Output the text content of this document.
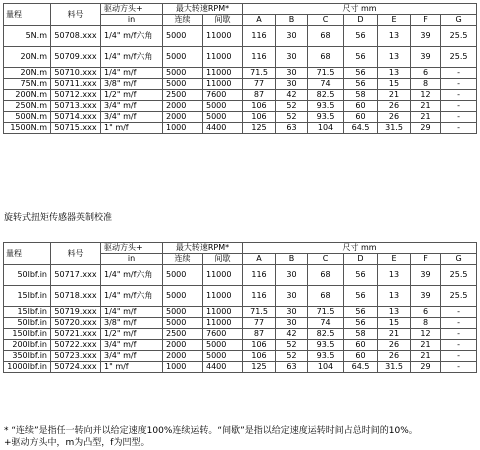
量程	料号	驱动方头+	最大转速RPM*		尺寸 mm						
		in	连续	间歇	A	B	C	D	E	F	G
5N.m	50708.xxx	1/4" m/f六角	5000	11000	116	30	68	56	13	39	25.5
20N.m	50709.xxx	1/4" m/f六角	5000	11000	116	30	68	56	13	39	25.5
20N.m	50710.xxx	1/4" m/f	5000	11000	71.5	30	71.5	56	13	6	-
75N.m	50711.xxx	3/8" m/f	5000	11000	77	30	74	56	15	8	-
200N.m	50712.xxx	1/2" m/f	2500	7600	87	42	82.5	58	21	12	-
250N.m	50713.xxx	3/4" m/f	2000	5000	106	52	93.5	60	26	21	-
500N.m	50714.xxx	3/4" m/f	2000	5000	106	52	93.5	60	26	21	-
1500N.m	50715.xxx	1" m/f	1000	4400	125	63	104	64.5	31.5	29	-
旋转式扭矩传感器英制校准
量程	料号	驱动方头+	最大转速RPM*		尺寸 mm						
		in	连续	间歇	A	B	C	D	E	F	G
50lbf.in	50717.xxx	1/4" m/f六角	5000	11000	116	30	68	56	13	39	25.5
15lbf.in	50718.xxx	1/4" m/f六角	5000	11000	116	30	68	56	13	39	25.5
15lbf.in	50719.xxx	1/4" m/f	5000	11000	71.5	30	71.5	56	13	6	-
50lbf.in	50720.xxx	3/8" m/f	5000	11000	77	30	74	56	15	8	-
150lbf.in	50721.xxx	1/2" m/f	2500	7600	87	42	82.5	58	21	12	-
200lbf.in	50722.xxx	3/4" m/f	2000	5000	106	52	93.5	60	26	21	-
350lbf.in	50723.xxx	3/4" m/f	2000	5000	106	52	93.5	60	26	21	-
1000lbf.in	50724.xxx	1" m/f	1000	4400	125	63	104	64.5	31.5	29	-
* “连续”是指任一转向并以给定速度100%连续运转。“间歇”是指以给定速度运转时间占总时间的10%。
+驱动方头中，m为凸型，f为凹型。
